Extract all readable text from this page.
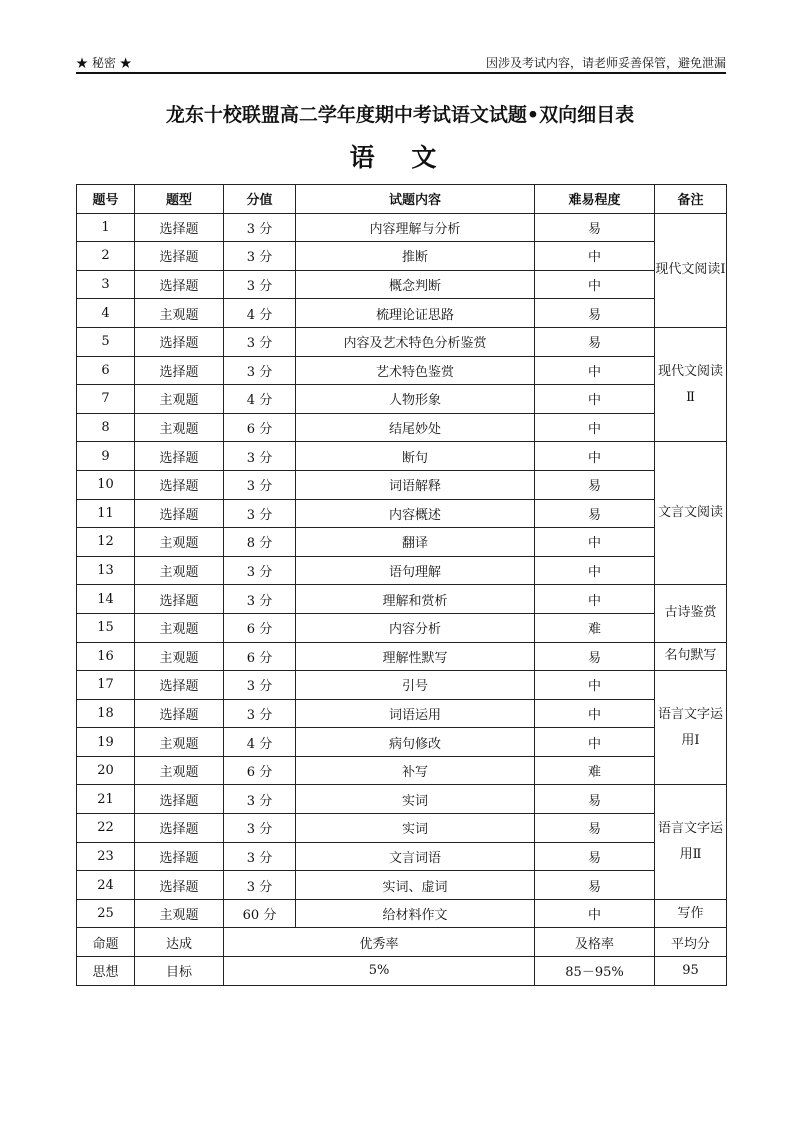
★ 秘密 ★	因涉及考试内容，请老师妥善保管，避免泄漏
龙东十校联盟高二学年度期中考试语文试题•双向细目表
语 文
题号	题型	分值	试题内容	难易程度	备注
1	选择题	3 分	内容理解与分析	易	现代文阅读Ⅰ
2	选择题	3 分	推断	中	
3	选择题	3 分	概念判断	中	
4	主观题	4 分	梳理论证思路	易	
5	选择题	3 分	内容及艺术特色分析鉴赏	易	现代文阅读Ⅱ
6	选择题	3 分	艺术特色鉴赏	中	
7	主观题	4 分	人物形象	中	
8	主观题	6 分	结尾妙处	中	
9	选择题	3 分	断句	中	文言文阅读
10	选择题	3 分	词语解释	易	
11	选择题	3 分	内容概述	易	
12	主观题	8 分	翻译	中	
13	主观题	3 分	语句理解	中	
14	选择题	3 分	理解和赏析	中	古诗鉴赏
15	主观题	6 分	内容分析	难	
16	主观题	6 分	理解性默写	易	名句默写
17	选择题	3 分	引号	中	语言文字运用Ⅰ
18	选择题	3 分	词语运用	中	
19	主观题	4 分	病句修改	中	
20	主观题	6 分	补写	难	
21	选择题	3 分	实词	易	语言文字运用Ⅱ
22	选择题	3 分	实词	易	
23	选择题	3 分	文言词语	易	
24	选择题	3 分	实词、虚词	易	
25	主观题	60 分	给材料作文	中	写作
命题	达成	优秀率		及格率	平均分
思想	目标	5%		85－95%	95
